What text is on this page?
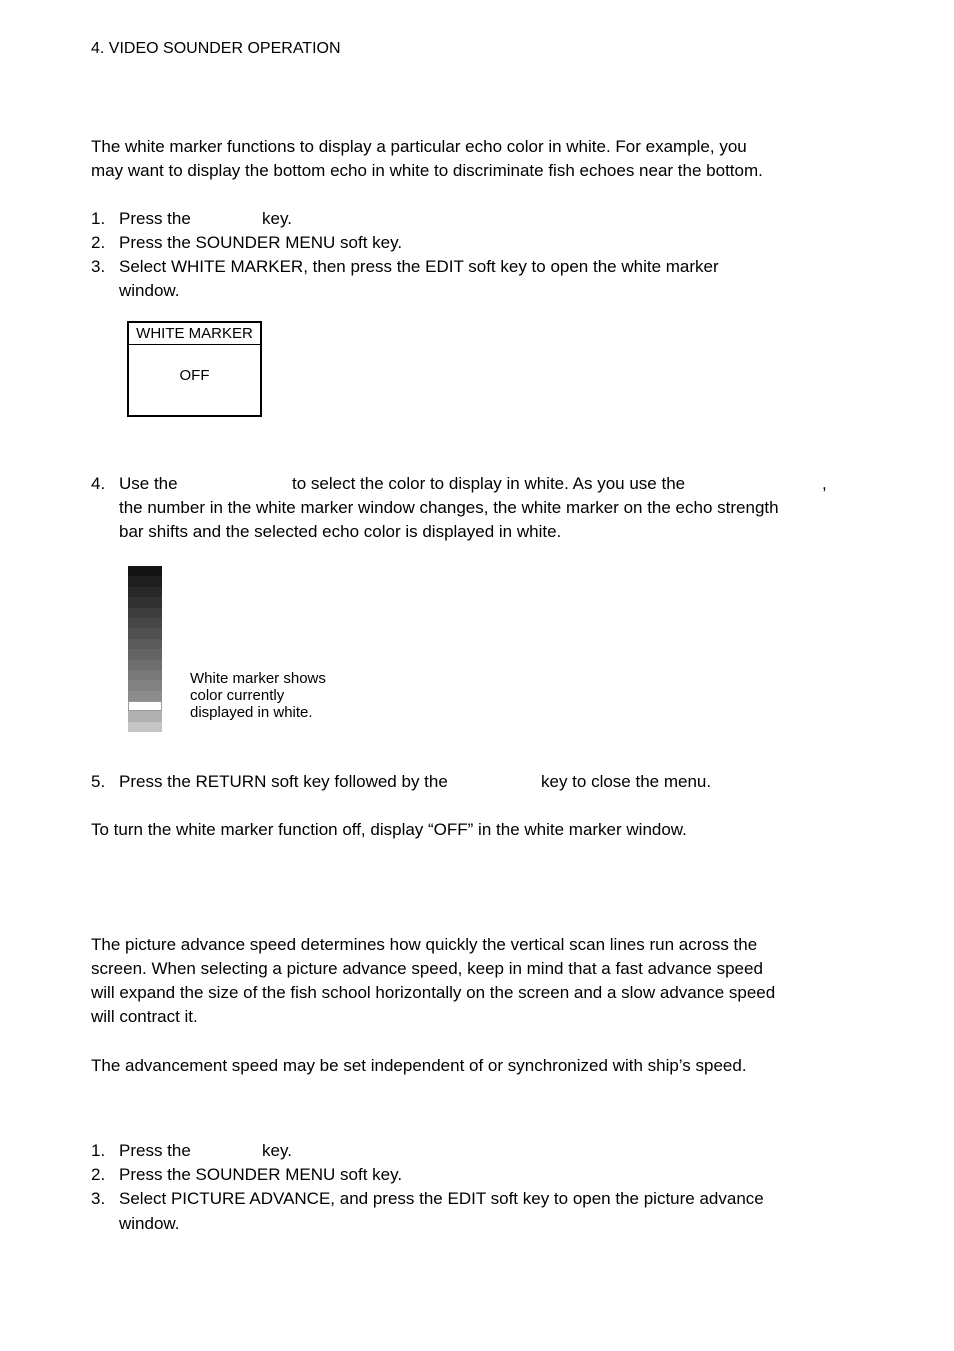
4. VIDEO SOUNDER OPERATION
The white marker functions to display a particular echo color in white. For example, you
may want to display the bottom echo in white to discriminate fish echoes near the bottom.
1. Press the	key.
2. Press the SOUNDER MENU soft key.
3. Select WHITE MARKER, then press the EDIT soft key to open the white marker
window.
WHITE MARKER
OFF
4. Use the	to select the color to display in white. As you use the	,
the number in the white marker window changes, the white marker on the echo strength
bar shifts and the selected echo color is displayed in white.
White marker shows
color currently
displayed in white.
5. Press the RETURN soft key followed by the	key to close the menu.
To turn the white marker function off, display “OFF” in the white marker window.
The picture advance speed determines how quickly the vertical scan lines run across the
screen. When selecting a picture advance speed, keep in mind that a fast advance speed
will expand the size of the fish school horizontally on the screen and a slow advance speed
will contract it.
The advancement speed may be set independent of or synchronized with ship’s speed.
1. Press the	key.
2. Press the SOUNDER MENU soft key.
3. Select PICTURE ADVANCE, and press the EDIT soft key to open the picture advance
window.
